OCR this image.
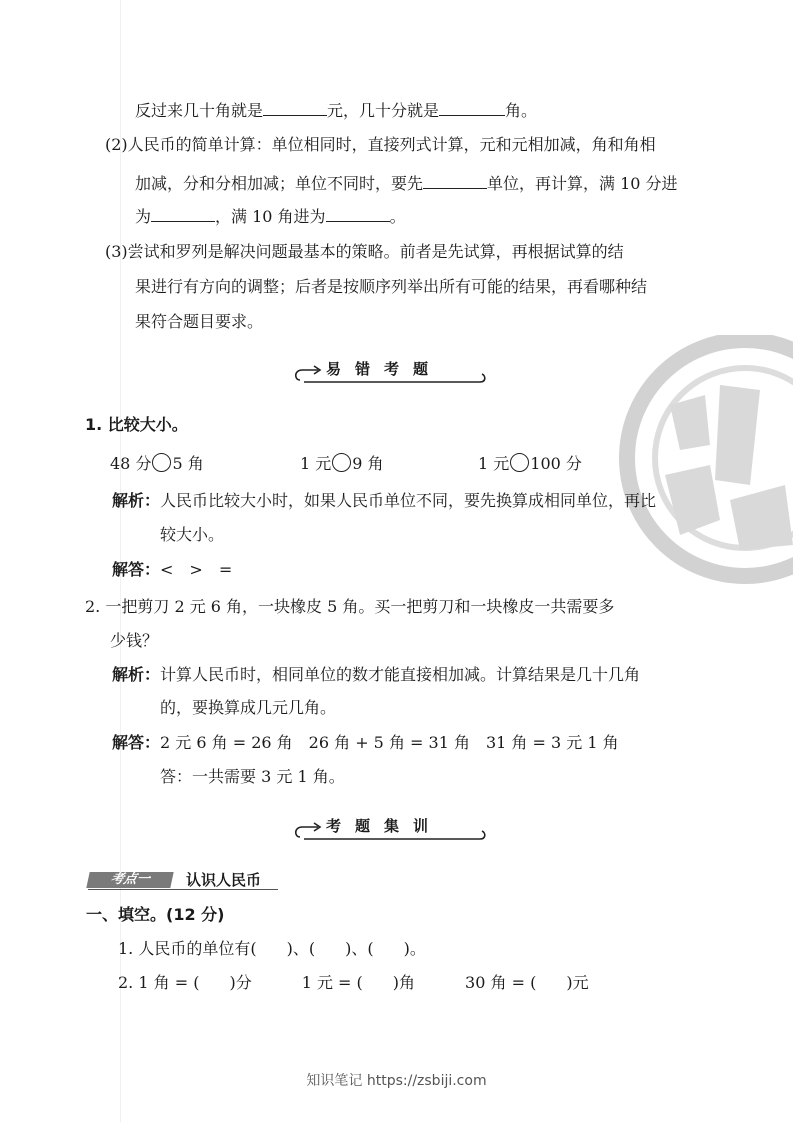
反过来几十角就是	元，几十分就是	角。
(2)人民币的简单计算：单位相同时，直接列式计算，元和元相加减，角和角相
加减，分和分相加减；单位不同时，要先	单位，再计算，满 10 分进
为	，满 10 角进为	。
(3)尝试和罗列是解决问题最基本的策略。前者是先试算，再根据试算的结
果进行有方向的调整；后者是按顺序列举出所有可能的结果，再看哪种结
果符合题目要求。
易错考题
1. 比较大小。
48 分 5 角	1 元 9 角	1 元 100 分
解析：人民币比较大小时，如果人民币单位不同，要先换算成相同单位，再比
较大小。
解答：<　>　=
2. 一把剪刀 2 元 6 角，一块橡皮 5 角。买一把剪刀和一块橡皮一共需要多
少钱？
解析：计算人民币时，相同单位的数才能直接相加减。计算结果是几十几角
的，要换算成几元几角。
解答：2 元 6 角 = 26 角　26 角 + 5 角 = 31 角　31 角 = 3 元 1 角
答：一共需要 3 元 1 角。
考题集训
考点一	认识人民币
一、填空。(12 分)
1. 人民币的单位有( )、( )、( )。
2. 1 角 = ( )分	1 元 = ( )角	30 角 = ( )元
知识笔记 https://zsbiji.com
